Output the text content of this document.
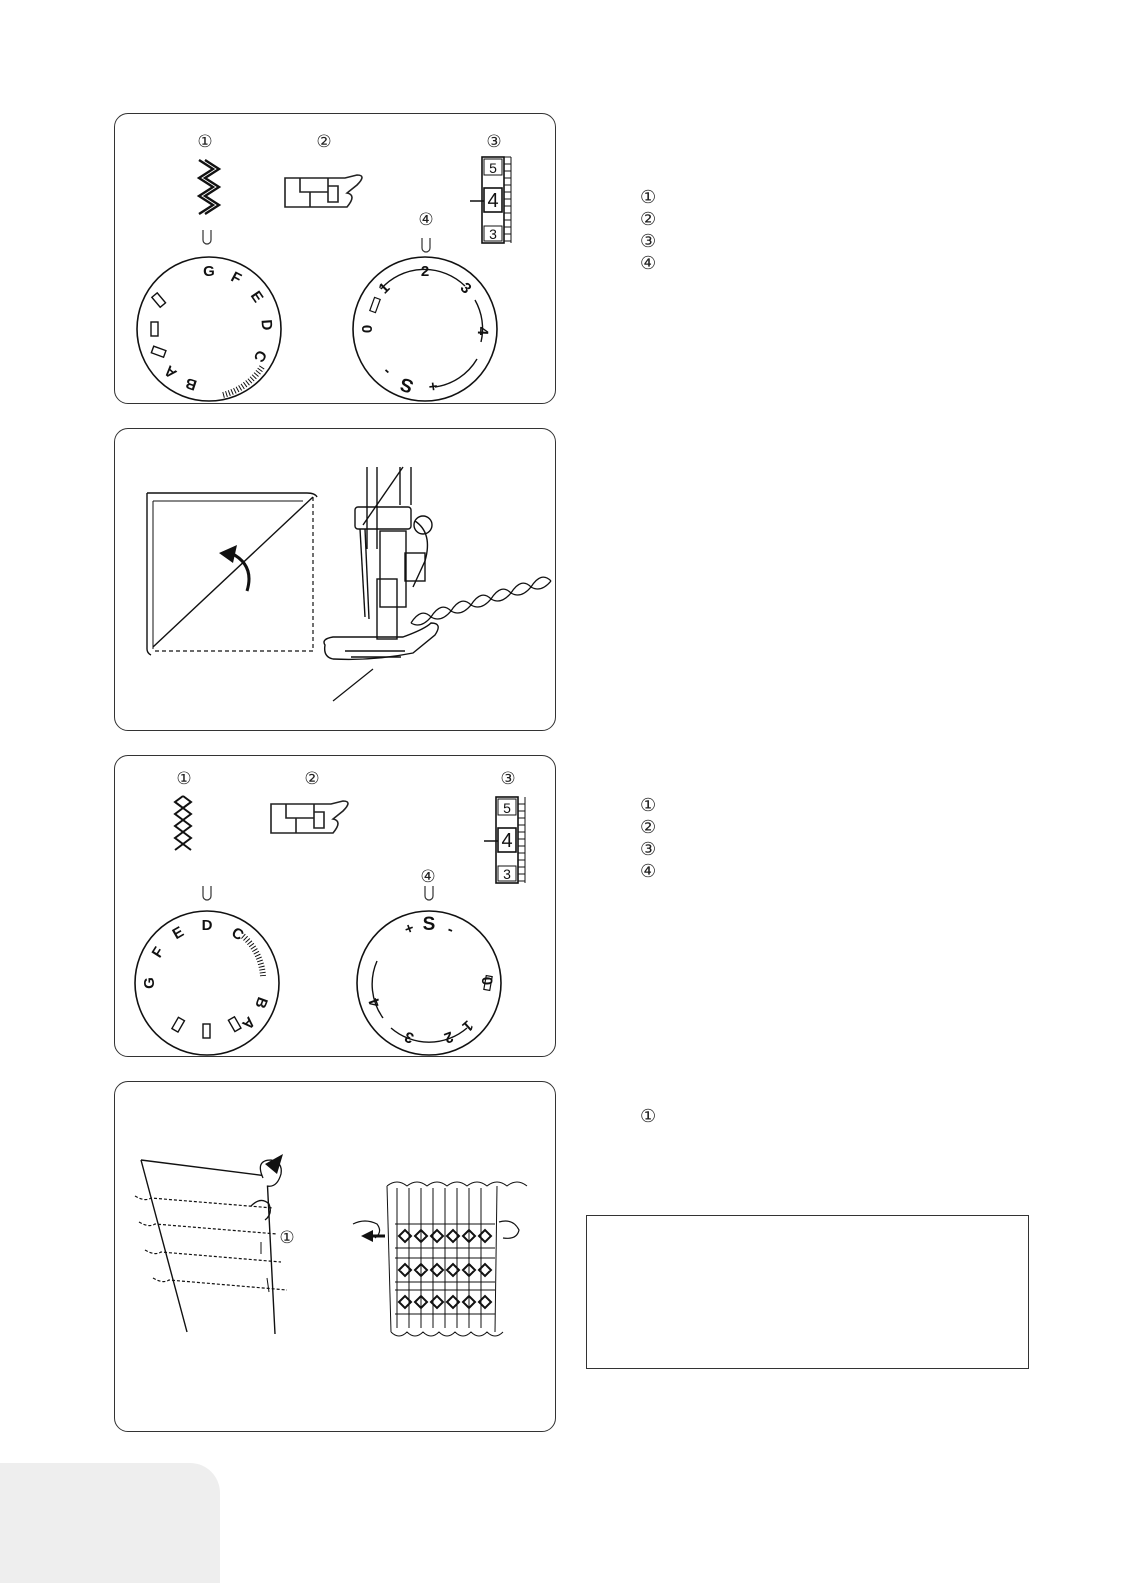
①	②	③
④
5
4
3
G F
E
D
C
B
A
2
3
4
1
0
S
-
+
①
②
③
④
①	②	③
④
5
4
3
D C
E
F
G
B
A
S
+ -
0
1
2
3
4
①
②
③
④
①
①
